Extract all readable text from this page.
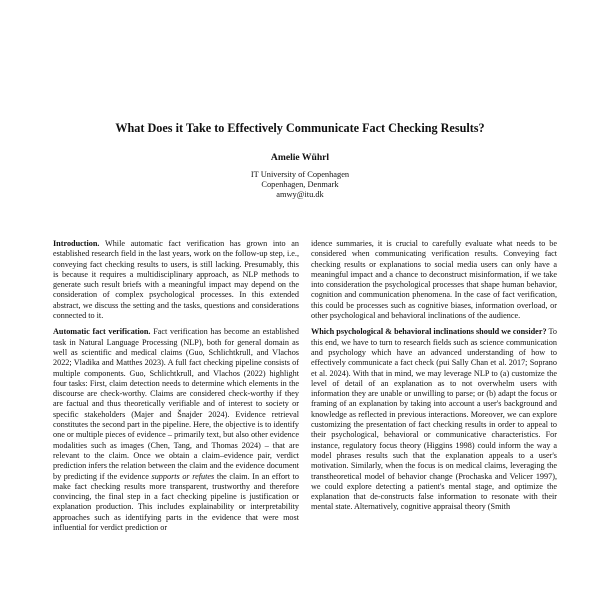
What Does it Take to Effectively Communicate Fact Checking Results?
Amelie Wührl
IT University of Copenhagen
Copenhagen, Denmark
amwy@itu.dk

Introduction. While automatic fact verification has grown into an established research field in the last years, work on the follow-up step, i.e., conveying fact checking results to users, is still lacking. Presumably, this is because it requires a multidisciplinary approach, as NLP methods to generate such result briefs with a meaningful impact may depend on the consideration of complex psychological processes. In this extended abstract, we discuss the setting and the tasks, questions and considerations connected to it.

Automatic fact verification. Fact verification has become an established task in Natural Language Processing (NLP), both for general domain as well as scientific and medical claims (Guo, Schlichtkrull, and Vlachos 2022; Vladika and Matthes 2023). A full fact checking pipeline consists of multiple components. Guo, Schlichtkrull, and Vlachos (2022) highlight four tasks: First, claim detection needs to determine which elements in the discourse are check-worthy. Claims are considered check-worthy if they are factual and thus theoretically verifiable and of interest to society or specific stakeholders (Majer and Šnajder 2024). Evidence retrieval constitutes the second part in the pipeline. Here, the objective is to identify one or multiple pieces of evidence – primarily text, but also other evidence modalities such as images (Chen, Tang, and Thomas 2024) – that are relevant to the claim. Once we obtain a claim–evidence pair, verdict prediction infers the relation between the claim and the evidence document by predicting if the evidence supports or refutes the claim. In an effort to make fact checking results more transparent, trustworthy and therefore convincing, the final step in a fact checking pipeline is justification or explanation production. This includes explainability or interpretability approaches such as identifying parts in the evidence that were most influential for verdict prediction or

idence summaries, it is crucial to carefully evaluate what needs to be considered when communicating verification results. Conveying fact checking results or explanations to social media users can only have a meaningful impact and a chance to deconstruct misinformation, if we take into consideration the psychological processes that shape human behavior, cognition and communication phenomena. In the case of fact verification, this could be processes such as cognitive biases, information overload, or other psychological and behavioral inclinations of the audience.

Which psychological & behavioral inclinations should we consider? To this end, we have to turn to research fields such as science communication and psychology which have an advanced understanding of how to effectively communicate a fact check (pui Sally Chan et al. 2017; Soprano et al. 2024). With that in mind, we may leverage NLP to (a) customize the level of detail of an explanation as to not overwhelm users with information they are unable or unwilling to parse; or (b) adapt the focus or framing of an explanation by taking into account a user's background and knowledge as reflected in previous interactions. Moreover, we can explore customizing the presentation of fact checking results in order to appeal to their psychological, behavioral or communicative characteristics. For instance, regulatory focus theory (Higgins 1998) could inform the way a model phrases results such that the explanation appeals to a user's motivation. Similarly, when the focus is on medical claims, leveraging the transtheoretical model of behavior change (Prochaska and Velicer 1997), we could explore detecting a patient's mental stage, and optimize the explanation that de-constructs false information to resonate with their mental state. Alternatively, cognitive appraisal theory (Smith
